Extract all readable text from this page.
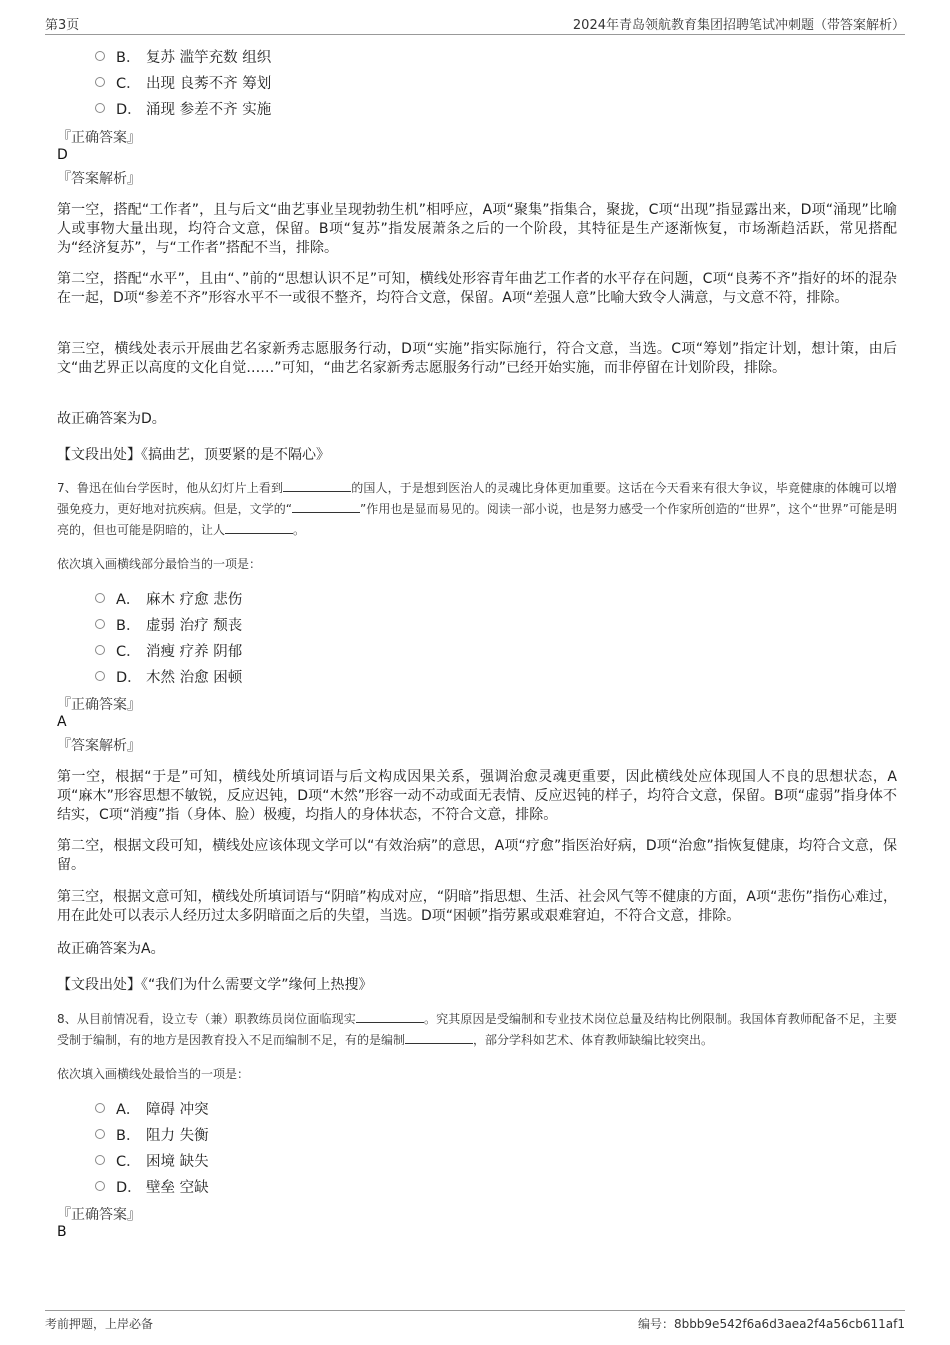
第3页	2024年青岛领航教育集团招聘笔试冲刺题（带答案解析）
B． 复苏 滥竽充数 组织
C． 出现 良莠不齐 筹划
D． 涌现 参差不齐 实施
『正确答案』
D
『答案解析』
第一空，搭配“工作者”，且与后文“曲艺事业呈现勃勃生机”相呼应，A项“聚集”指集合，聚拢，C项“出现”指显露出来，D项“涌现”比喻人或事物大量出现，均符合文意，保留。B项“复苏”指发展萧条之后的一个阶段，其特征是生产逐渐恢复，市场渐趋活跃，常见搭配为“经济复苏”，与“工作者”搭配不当，排除。
第二空，搭配“水平”，且由“、”前的“思想认识不足”可知，横线处形容青年曲艺工作者的水平存在问题，C项“良莠不齐”指好的坏的混杂在一起，D项“参差不齐”形容水平不一或很不整齐，均符合文意，保留。A项“差强人意”比喻大致令人满意，与文意不符，排除。
第三空，横线处表示开展曲艺名家新秀志愿服务行动，D项“实施”指实际施行，符合文意，当选。C项“筹划”指定计划，想计策，由后文“曲艺界正以高度的文化自觉……”可知，“曲艺名家新秀志愿服务行动”已经开始实施，而非停留在计划阶段，排除。
故正确答案为D。
【文段出处】《搞曲艺，顶要紧的是不隔心》
7、鲁迅在仙台学医时，他从幻灯片上看到	的国人，于是想到医治人的灵魂比身体更加重要。这话在今天看来有很大争议，毕竟健康的体魄可以增强免疫力，更好地对抗疾病。但是，文学的“	”作用也是显而易见的。阅读一部小说，也是努力感受一个作家所创造的“世界”，这个“世界”可能是明亮的，但也可能是阴暗的，让人	。
依次填入画横线部分最恰当的一项是：
A． 麻木 疗愈 悲伤
B． 虚弱 治疗 颓丧
C． 消瘦 疗养 阴郁
D． 木然 治愈 困顿
『正确答案』
A
『答案解析』
第一空，根据“于是”可知，横线处所填词语与后文构成因果关系，强调治愈灵魂更重要，因此横线处应体现国人不良的思想状态，A项“麻木”形容思想不敏锐，反应迟钝，D项“木然”形容一动不动或面无表情、反应迟钝的样子，均符合文意，保留。B项“虚弱”指身体不结实，C项“消瘦”指（身体、脸）极瘦，均指人的身体状态，不符合文意，排除。
第二空，根据文段可知，横线处应该体现文学可以“有效治病”的意思，A项“疗愈”指医治好病，D项“治愈”指恢复健康，均符合文意，保留。
第三空，根据文意可知，横线处所填词语与“阴暗”构成对应，“阴暗”指思想、生活、社会风气等不健康的方面，A项“悲伤”指伤心难过，用在此处可以表示人经历过太多阴暗面之后的失望，当选。D项“困顿”指劳累或艰难窘迫，不符合文意，排除。
故正确答案为A。
【文段出处】《“我们为什么需要文学”缘何上热搜》
8、从目前情况看，设立专（兼）职教练员岗位面临现实	。究其原因是受编制和专业技术岗位总量及结构比例限制。我国体育教师配备不足，主要受制于编制，有的地方是因教育投入不足而编制不足，有的是编制	，部分学科如艺术、体育教师缺编比较突出。
依次填入画横线处最恰当的一项是：
A． 障碍 冲突
B． 阻力 失衡
C． 困境 缺失
D． 壁垒 空缺
『正确答案』
B
考前押题，上岸必备	编号：8bbb9e542f6a6d3aea2f4a56cb611af1
